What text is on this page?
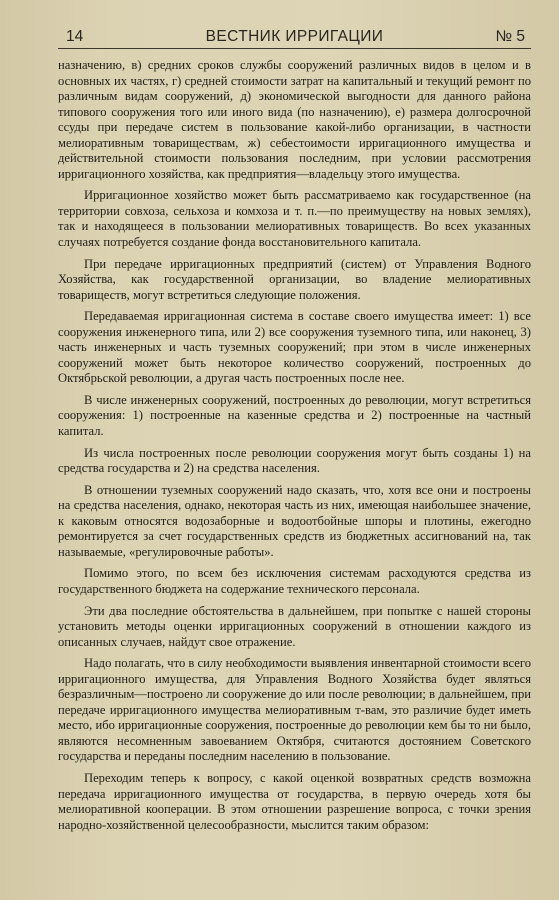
14	ВЕСТНИК ИРРИГАЦИИ	№ 5

назначению, в) средних сроков службы сооружений различных видов в целом и в основных их частях, г) средней стоимости затрат на капитальный и текущий ремонт по различным видам сооружений, д) экономической выгодности для данного района типового сооружения того или иного вида (по назначению), е) размера долгосрочной ссуды при передаче систем в пользование какой-либо организации, в частности мелиоративным товариществам, ж) себестоимости ирригационного имущества и действительной стоимости пользования последним, при условии рассмотрения ирригационного хозяйства, как предприятия—владельцу этого имущества.

Ирригационное хозяйство может быть рассматриваемо как государственное (на территории совхоза, сельхоза и комхоза и т. п.—по преимуществу на новых землях), так и находящееся в пользовании мелиоративных товариществ. Во всех указанных случаях потребуется создание фонда восстановительного капитала.

При передаче ирригационных предприятий (систем) от Управления Водного Хозяйства, как государственной организации, во владение мелиоративных товариществ, могут встретиться следующие положения.

Передаваемая ирригационная система в составе своего имущества имеет: 1) все сооружения инженерного типа, или 2) все сооружения туземного типа, или наконец, 3) часть инженерных и часть туземных сооружений; при этом в числе инженерных сооружений может быть некоторое количество сооружений, построенных до Октябрьской революции, а другая часть построенных после нее.

В числе инженерных сооружений, построенных до революции, могут встретиться сооружения: 1) построенные на казенные средства и 2) построенные на частный капитал.

Из числа построенных после революции сооружения могут быть созданы 1) на средства государства и 2) на средства населения.

В отношении туземных сооружений надо сказать, что, хотя все они и построены на средства населения, однако, некоторая часть из них, имеющая наибольшее значение, к каковым относятся водозаборные и водоотбойные шпоры и плотины, ежегодно ремонтируется за счет государственных средств из бюджетных ассигнований на, так называемые, «регулировочные работы».

Помимо этого, по всем без исключения системам расходуются средства из государственного бюджета на содержание технического персонала.

Эти два последние обстоятельства в дальнейшем, при попытке с нашей стороны установить методы оценки ирригационных сооружений в отношении каждого из описанных случаев, найдут свое отражение.

Надо полагать, что в силу необходимости выявления инвентарной стоимости всего ирригационного имущества, для Управления Водного Хозяйства будет являться безразличным—построено ли сооружение до или после революции; в дальнейшем, при передаче ирригационного имущества мелиоративным т-вам, это различие будет иметь место, ибо ирригационные сооружения, построенные до революции кем бы то ни было, являются несомненным завоеванием Октября, считаются достоянием Советского государства и переданы последним населению в пользование.

Переходим теперь к вопросу, с какой оценкой возвратных средств возможна передача ирригационного имущества от государства, в первую очередь хотя бы мелиоративной кооперации. В этом отношении разрешение вопроса, с точки зрения народно-хозяйственной целесообразности, мыслится таким образом:
